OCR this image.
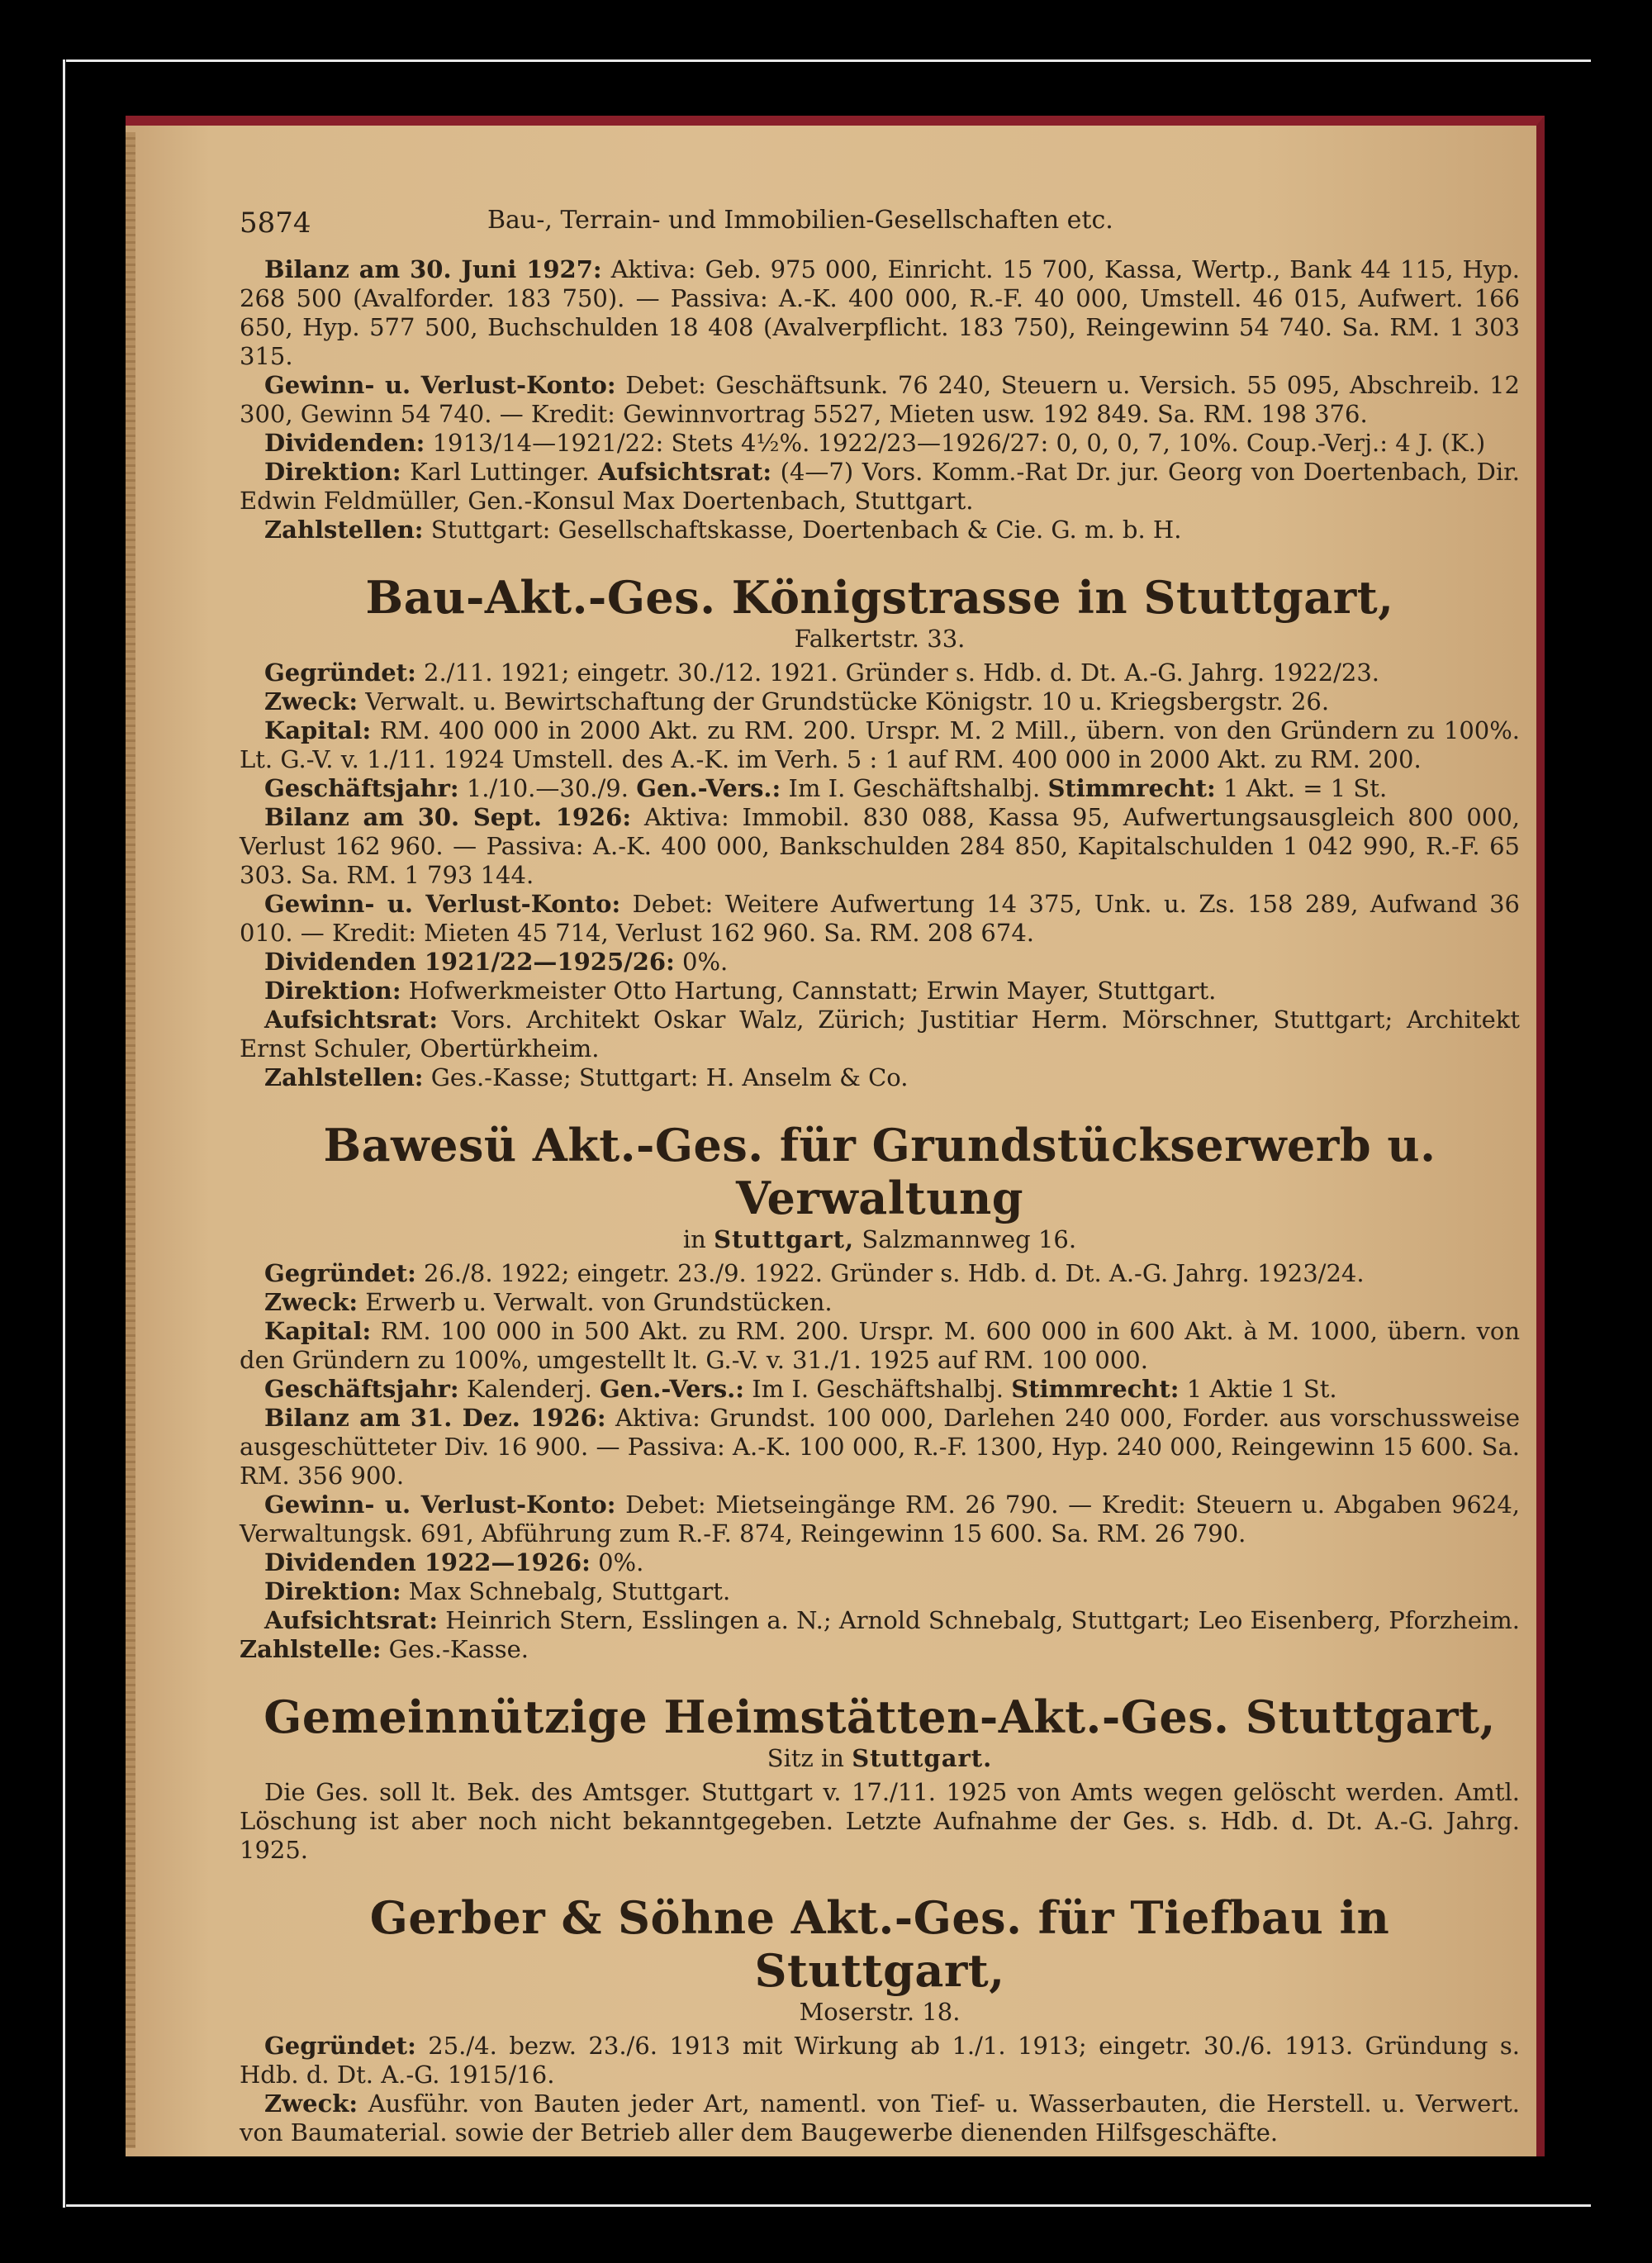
5874	Bau-, Terrain- und Immobilien-Gesellschaften etc.

Bilanz am 30. Juni 1927: Aktiva: Geb. 975 000, Einricht. 15 700, Kassa, Wertp., Bank 44 115, Hyp. 268 500 (Avalforder. 183 750). — Passiva: A.-K. 400 000, R.-F. 40 000, Umstell. 46 015, Aufwert. 166 650, Hyp. 577 500, Buchschulden 18 408 (Avalverpflicht. 183 750), Reingewinn 54 740. Sa. RM. 1 303 315.

Gewinn- u. Verlust-Konto: Debet: Geschäftsunk. 76 240, Steuern u. Versich. 55 095, Abschreib. 12 300, Gewinn 54 740. — Kredit: Gewinnvortrag 5527, Mieten usw. 192 849. Sa. RM. 198 376.

Dividenden: 1913/14—1921/22: Stets 4½%. 1922/23—1926/27: 0, 0, 0, 7, 10%. Coup.-Verj.: 4 J. (K.)

Direktion: Karl Luttinger. Aufsichtsrat: (4—7) Vors. Komm.-Rat Dr. jur. Georg von Doertenbach, Dir. Edwin Feldmüller, Gen.-Konsul Max Doertenbach, Stuttgart.

Zahlstellen: Stuttgart: Gesellschaftskasse, Doertenbach & Cie. G. m. b. H.

Bau-Akt.-Ges. Königstrasse in Stuttgart,
Falkertstr. 33.

Gegründet: 2./11. 1921; eingetr. 30./12. 1921. Gründer s. Hdb. d. Dt. A.-G. Jahrg. 1922/23.

Zweck: Verwalt. u. Bewirtschaftung der Grundstücke Königstr. 10 u. Kriegsbergstr. 26.

Kapital: RM. 400 000 in 2000 Akt. zu RM. 200. Urspr. M. 2 Mill., übern. von den Gründern zu 100%. Lt. G.-V. v. 1./11. 1924 Umstell. des A.-K. im Verh. 5 : 1 auf RM. 400 000 in 2000 Akt. zu RM. 200.

Geschäftsjahr: 1./10.—30./9. Gen.-Vers.: Im I. Geschäftshalbj. Stimmrecht: 1 Akt. = 1 St.

Bilanz am 30. Sept. 1926: Aktiva: Immobil. 830 088, Kassa 95, Aufwertungsausgleich 800 000, Verlust 162 960. — Passiva: A.-K. 400 000, Bankschulden 284 850, Kapitalschulden 1 042 990, R.-F. 65 303. Sa. RM. 1 793 144.

Gewinn- u. Verlust-Konto: Debet: Weitere Aufwertung 14 375, Unk. u. Zs. 158 289, Aufwand 36 010. — Kredit: Mieten 45 714, Verlust 162 960. Sa. RM. 208 674.

Dividenden 1921/22—1925/26: 0%.

Direktion: Hofwerkmeister Otto Hartung, Cannstatt; Erwin Mayer, Stuttgart.

Aufsichtsrat: Vors. Architekt Oskar Walz, Zürich; Justitiar Herm. Mörschner, Stuttgart; Architekt Ernst Schuler, Obertürkheim.

Zahlstellen: Ges.-Kasse; Stuttgart: H. Anselm & Co.

Bawesü Akt.-Ges. für Grundstückserwerb u. Verwaltung
in Stuttgart, Salzmannweg 16.

Gegründet: 26./8. 1922; eingetr. 23./9. 1922. Gründer s. Hdb. d. Dt. A.-G. Jahrg. 1923/24.

Zweck: Erwerb u. Verwalt. von Grundstücken.

Kapital: RM. 100 000 in 500 Akt. zu RM. 200. Urspr. M. 600 000 in 600 Akt. à M. 1000, übern. von den Gründern zu 100%, umgestellt lt. G.-V. v. 31./1. 1925 auf RM. 100 000.

Geschäftsjahr: Kalenderj. Gen.-Vers.: Im I. Geschäftshalbj. Stimmrecht: 1 Aktie 1 St.

Bilanz am 31. Dez. 1926: Aktiva: Grundst. 100 000, Darlehen 240 000, Forder. aus vorschussweise ausgeschütteter Div. 16 900. — Passiva: A.-K. 100 000, R.-F. 1300, Hyp. 240 000, Reingewinn 15 600. Sa. RM. 356 900.

Gewinn- u. Verlust-Konto: Debet: Mietseingänge RM. 26 790. — Kredit: Steuern u. Abgaben 9624, Verwaltungsk. 691, Abführung zum R.-F. 874, Reingewinn 15 600. Sa. RM. 26 790.

Dividenden 1922—1926: 0%.

Direktion: Max Schnebalg, Stuttgart.

Aufsichtsrat: Heinrich Stern, Esslingen a. N.; Arnold Schnebalg, Stuttgart; Leo Eisenberg, Pforzheim. Zahlstelle: Ges.-Kasse.

Gemeinnützige Heimstätten-Akt.-Ges. Stuttgart,
Sitz in Stuttgart.

Die Ges. soll lt. Bek. des Amtsger. Stuttgart v. 17./11. 1925 von Amts wegen gelöscht werden. Amtl. Löschung ist aber noch nicht bekanntgegeben. Letzte Aufnahme der Ges. s. Hdb. d. Dt. A.-G. Jahrg. 1925.

Gerber & Söhne Akt.-Ges. für Tiefbau in Stuttgart,
Moserstr. 18.

Gegründet: 25./4. bezw. 23./6. 1913 mit Wirkung ab 1./1. 1913; eingetr. 30./6. 1913. Gründung s. Hdb. d. Dt. A.-G. 1915/16.

Zweck: Ausführ. von Bauten jeder Art, namentl. von Tief- u. Wasserbauten, die Herstell. u. Verwert. von Baumaterial. sowie der Betrieb aller dem Baugewerbe dienenden Hilfsgeschäfte.
